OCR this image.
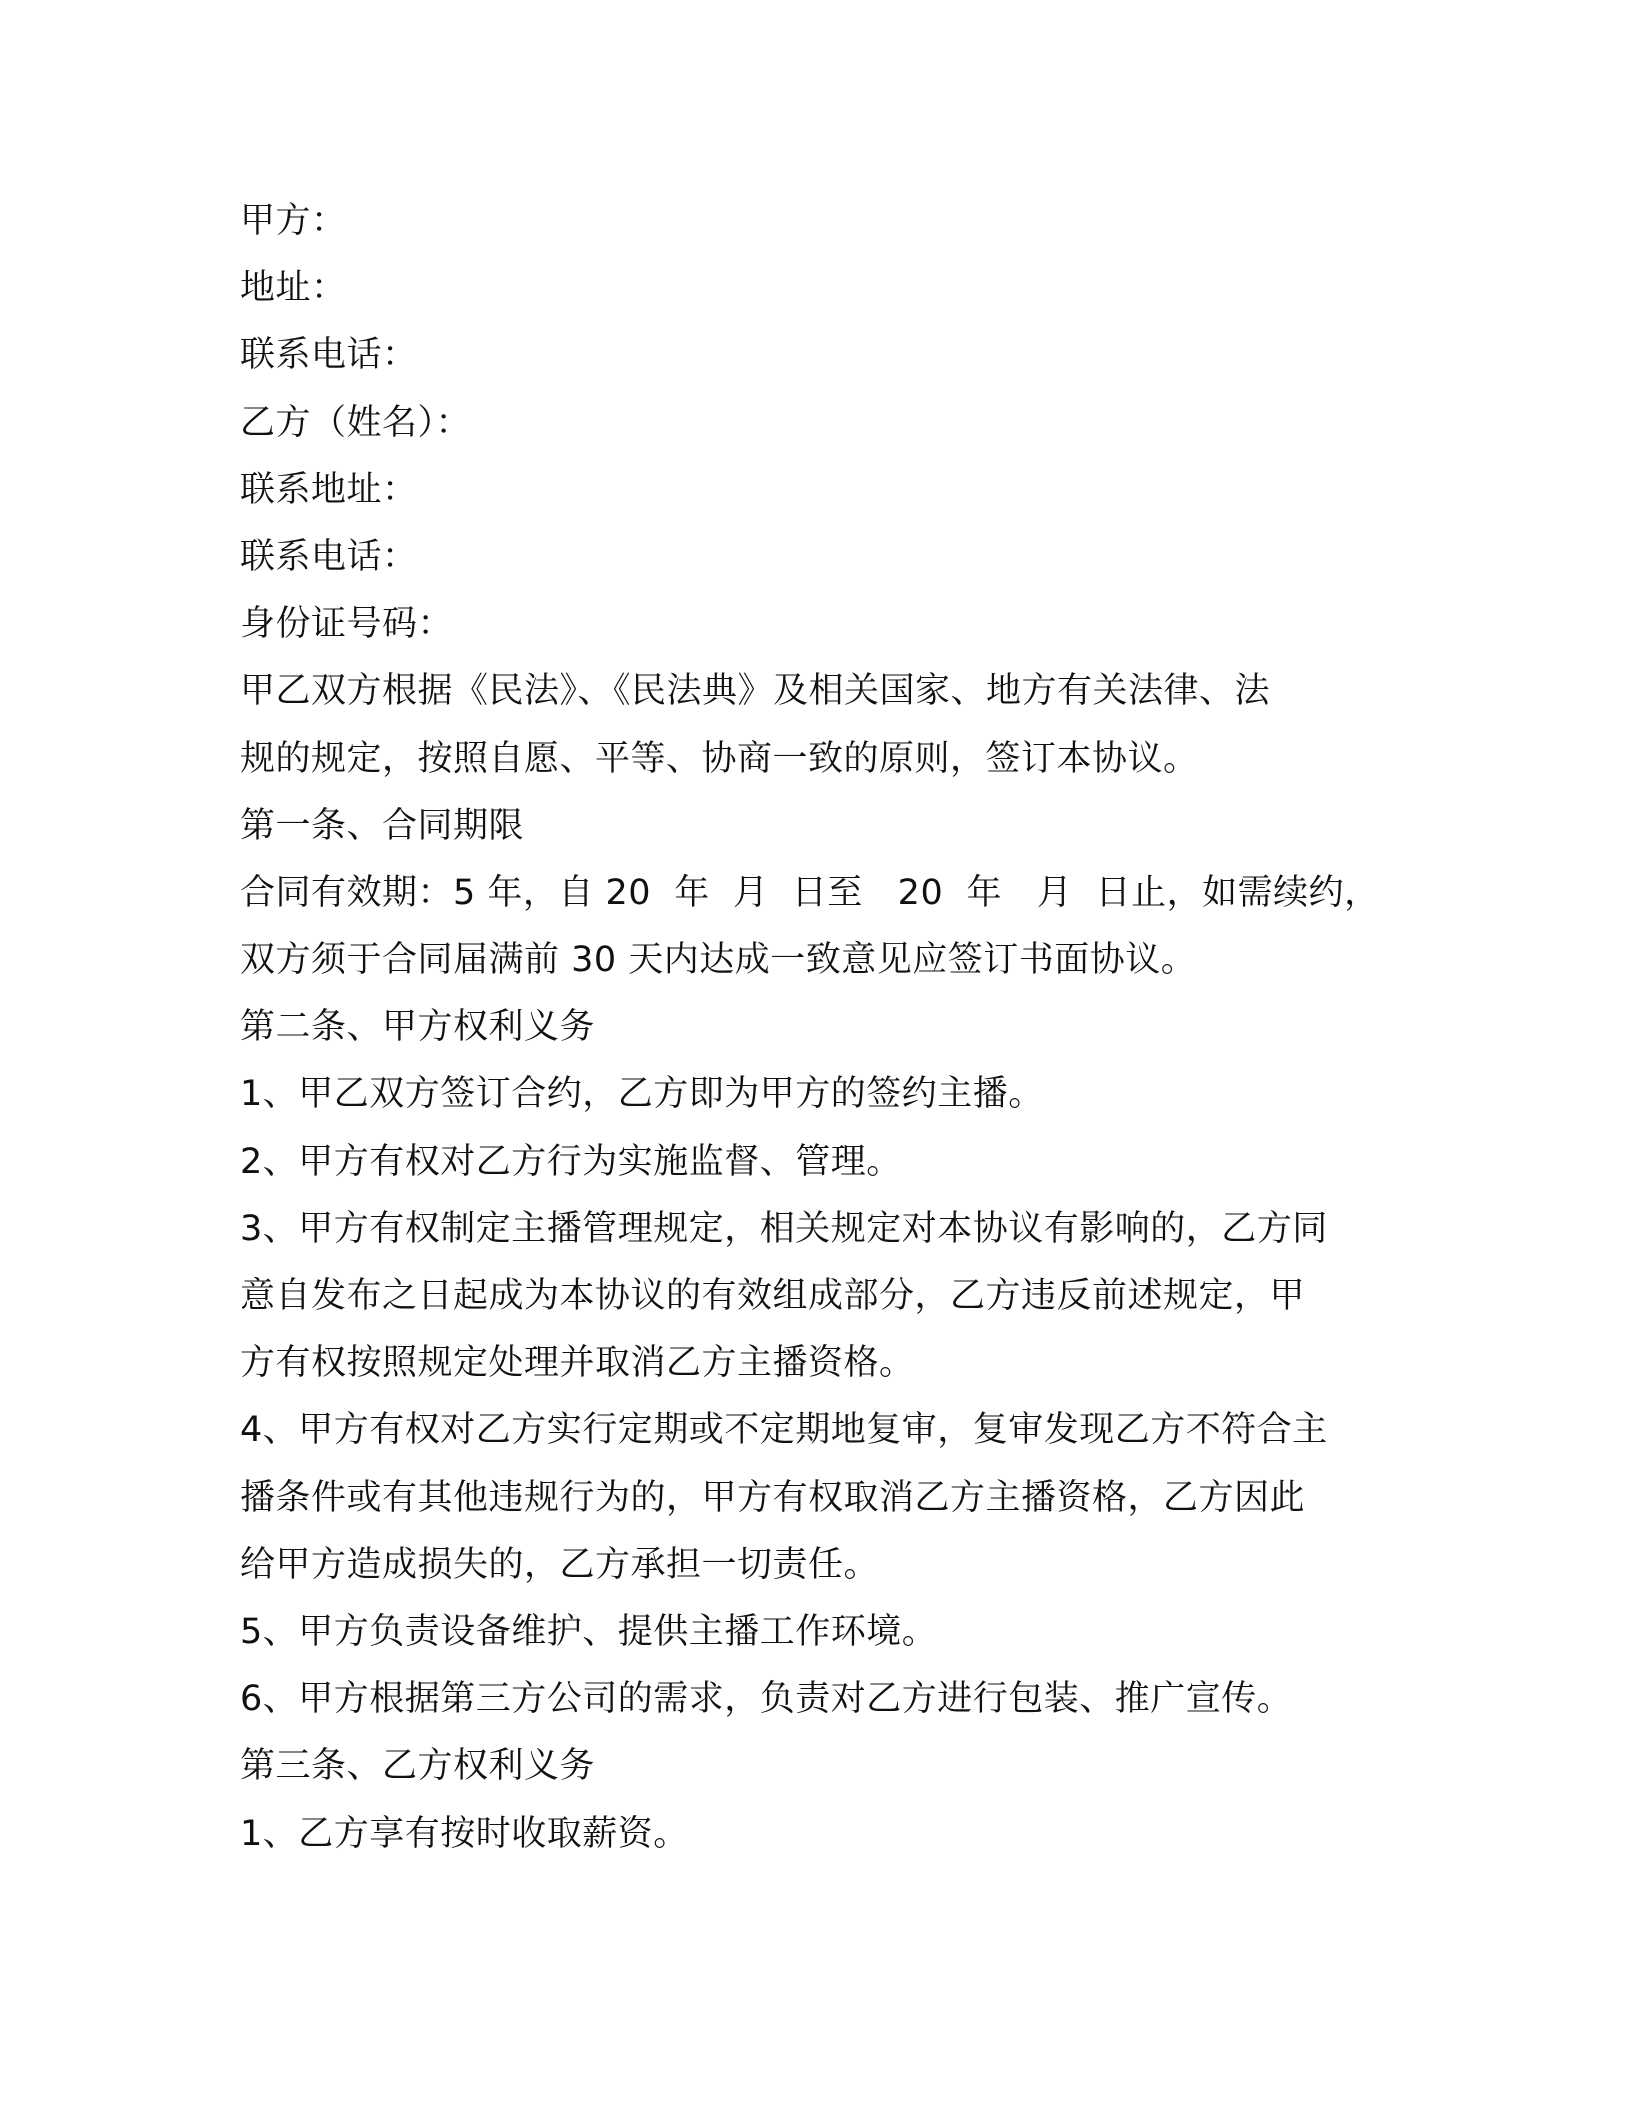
甲方：
地址：
联系电话：
乙方（姓名）：
联系地址：
联系电话：
身份证号码：
甲乙双方根据《民法》、《民法典》及相关国家、地方有关法律、法
规的规定，按照自愿、平等、协商一致的原则，签订本协议。
第一条、合同期限
合同有效期：5 年，自 20  年  月  日至   20  年   月  日止，如需续约，
双方须于合同届满前 30 天内达成一致意见应签订书面协议。
第二条、甲方权利义务
1、甲乙双方签订合约，乙方即为甲方的签约主播。
2、甲方有权对乙方行为实施监督、管理。
3、甲方有权制定主播管理规定，相关规定对本协议有影响的，乙方同
意自发布之日起成为本协议的有效组成部分，乙方违反前述规定，甲
方有权按照规定处理并取消乙方主播资格。
4、甲方有权对乙方实行定期或不定期地复审，复审发现乙方不符合主
播条件或有其他违规行为的，甲方有权取消乙方主播资格，乙方因此
给甲方造成损失的，乙方承担一切责任。
5、甲方负责设备维护、提供主播工作环境。
6、甲方根据第三方公司的需求，负责对乙方进行包装、推广宣传。
第三条、乙方权利义务
1、乙方享有按时收取薪资。
